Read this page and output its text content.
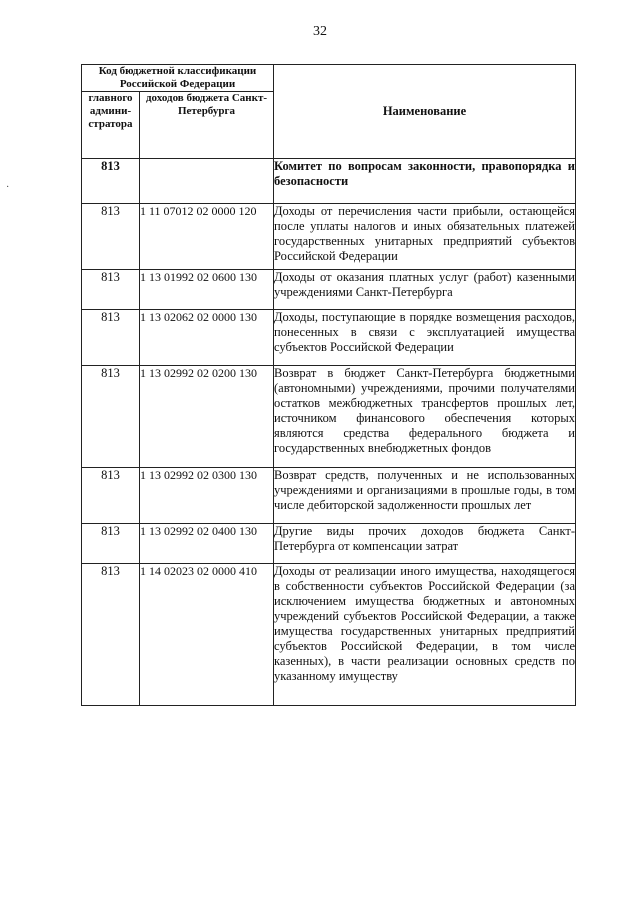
32
·
Код бюджетной классификации Российской Федерации		Наименование
главного админи-стратора	доходов бюджета Санкт-Петербурга	
813		Комитет по вопросам законности, правопорядка и безопасности
813	1 11 07012 02 0000 120	Доходы от перечисления части прибыли, остающейся после уплаты налогов и иных обязательных платежей государственных унитарных предприятий субъектов Российской Федерации
813	1 13 01992 02 0600 130	Доходы от оказания платных услуг (работ) казенными учреждениями Санкт-Петербурга
813	1 13 02062 02 0000 130	Доходы, поступающие в порядке возмещения расходов, понесенных в связи с эксплуатацией имущества субъектов Российской Федерации
813	1 13 02992 02 0200 130	Возврат в бюджет Санкт-Петербурга бюджетными (автономными) учреждениями, прочими получателями остатков межбюджетных трансфертов прошлых лет, источником финансового обеспечения которых являются средства федерального бюджета и государственных внебюджетных фондов
813	1 13 02992 02 0300 130	Возврат средств, полученных и не использованных учреждениями и организациями в прошлые годы, в том числе дебиторской задолженности прошлых лет
813	1 13 02992 02 0400 130	Другие виды прочих доходов бюджета Санкт-Петербурга от компенсации затрат
813	1 14 02023 02 0000 410	Доходы от реализации иного имущества, находящегося в собственности субъектов Российской Федерации (за исключением имущества бюджетных и автономных учреждений субъектов Российской Федерации, а также имущества государственных унитарных предприятий субъектов Российской Федерации, в том числе казенных), в части реализации основных средств по указанному имуществу
